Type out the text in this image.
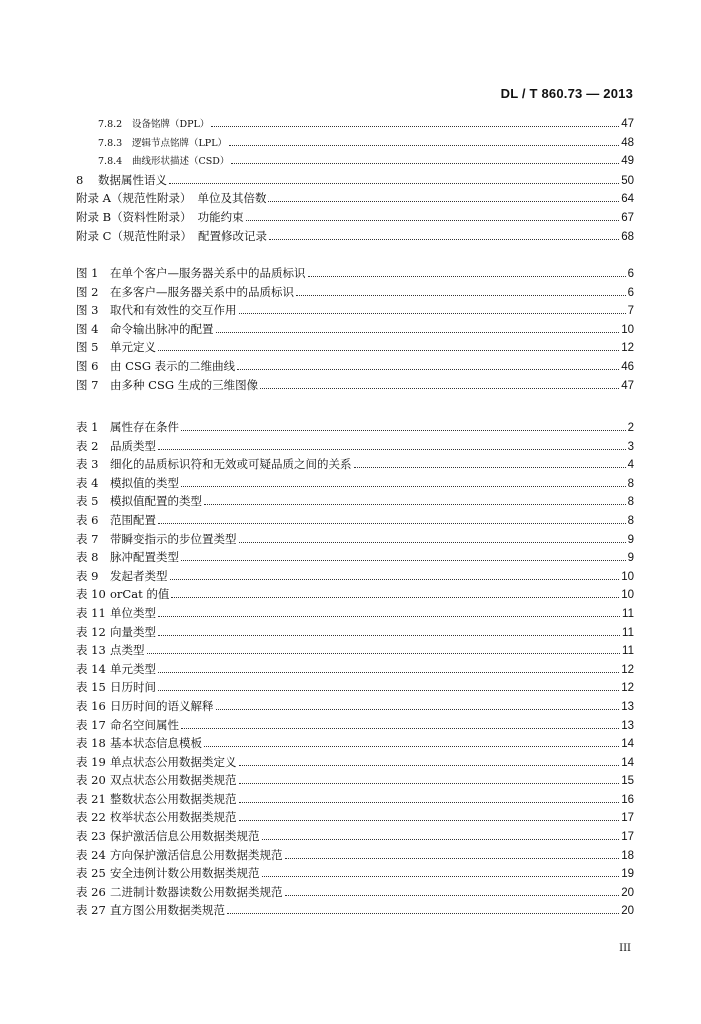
DL / T 860.73 — 2013
7.8.2	设备铭牌（DPL）	47
7.8.3	逻辑节点铭牌（LPL）	48
7.8.4	曲线形状描述（CSD）	49
8	数据属性语义	50
附录 A（规范性附录） 单位及其倍数	64
附录 B（资料性附录） 功能约束	67
附录 C（规范性附录） 配置修改记录	68
图 1	在单个客户—服务器关系中的品质标识	6
图 2	在多客户—服务器关系中的品质标识	6
图 3	取代和有效性的交互作用	7
图 4	命令输出脉冲的配置	10
图 5	单元定义	12
图 6	由 CSG 表示的二维曲线	46
图 7	由多种 CSG 生成的三维图像	47
表 1	属性存在条件	2
表 2	品质类型	3
表 3	细化的品质标识符和无效或可疑品质之间的关系	4
表 4	模拟值的类型	8
表 5	模拟值配置的类型	8
表 6	范围配置	8
表 7	带瞬变指示的步位置类型	9
表 8	脉冲配置类型	9
表 9	发起者类型	10
表 10 orCat 的值	10
表 11 单位类型	11
表 12 向量类型	11
表 13 点类型	11
表 14 单元类型	12
表 15 日历时间	12
表 16 日历时间的语义解释	13
表 17 命名空间属性	13
表 18 基本状态信息模板	14
表 19 单点状态公用数据类定义	14
表 20 双点状态公用数据类规范	15
表 21 整数状态公用数据类规范	16
表 22 枚举状态公用数据类规范	17
表 23 保护激活信息公用数据类规范	17
表 24 方向保护激活信息公用数据类规范	18
表 25 安全违例计数公用数据类规范	19
表 26 二进制计数器读数公用数据类规范	20
表 27 直方图公用数据类规范	20
III
